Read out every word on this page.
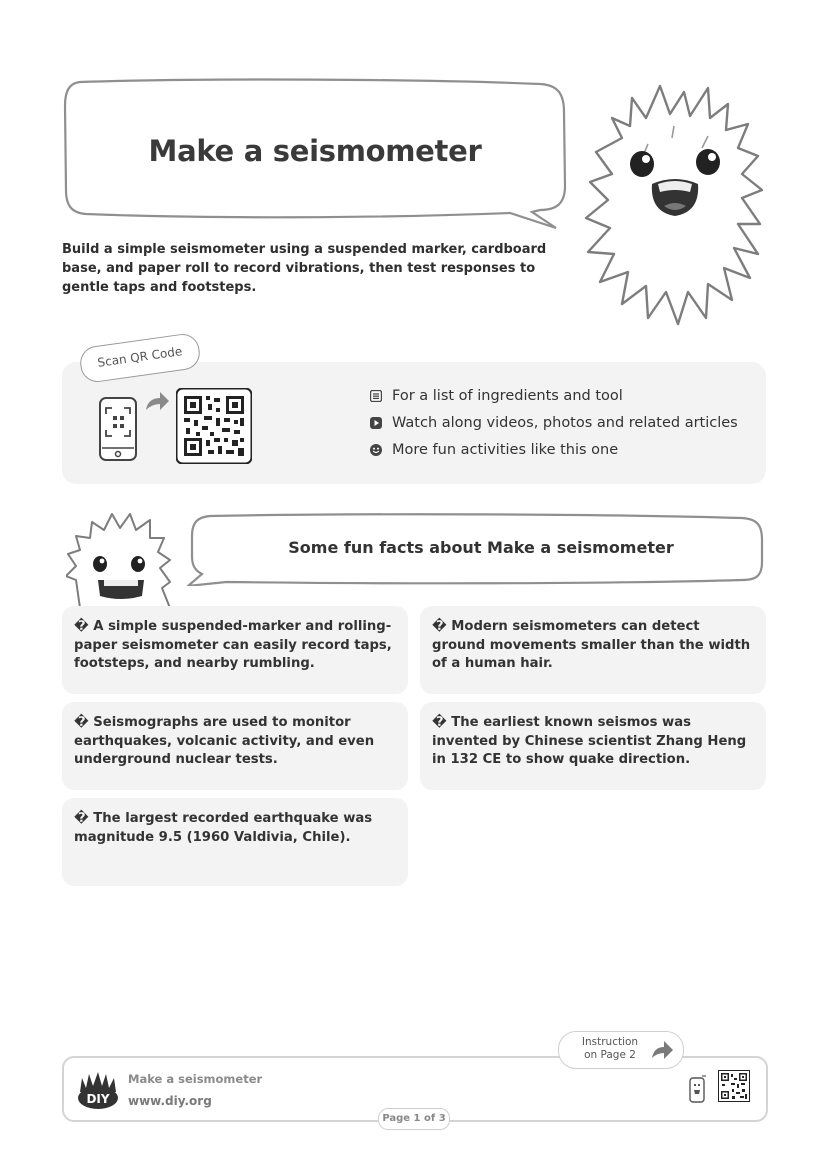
Make a seismometer
Build a simple seismometer using a suspended marker, cardboard base, and paper roll to record vibrations, then test responses to gentle taps and footsteps.
Scan QR Code
For a list of ingredients and tool
Watch along videos, photos and related articles
More fun activities like this one
Some fun facts about Make a seismometer
� A simple suspended-marker and rolling-paper seismometer can easily record taps, footsteps, and nearby rumbling.
� Modern seismometers can detect ground movements smaller than the width of a human hair.
� Seismographs are used to monitor earthquakes, volcanic activity, and even underground nuclear tests.
� The earliest known seismos was invented by Chinese scientist Zhang Heng in 132 CE to show quake direction.
� The largest recorded earthquake was magnitude 9.5 (1960 Valdivia, Chile).
Instruction
on Page 2
DIY
Make a seismometer
www.diy.org
Page 1 of 3
